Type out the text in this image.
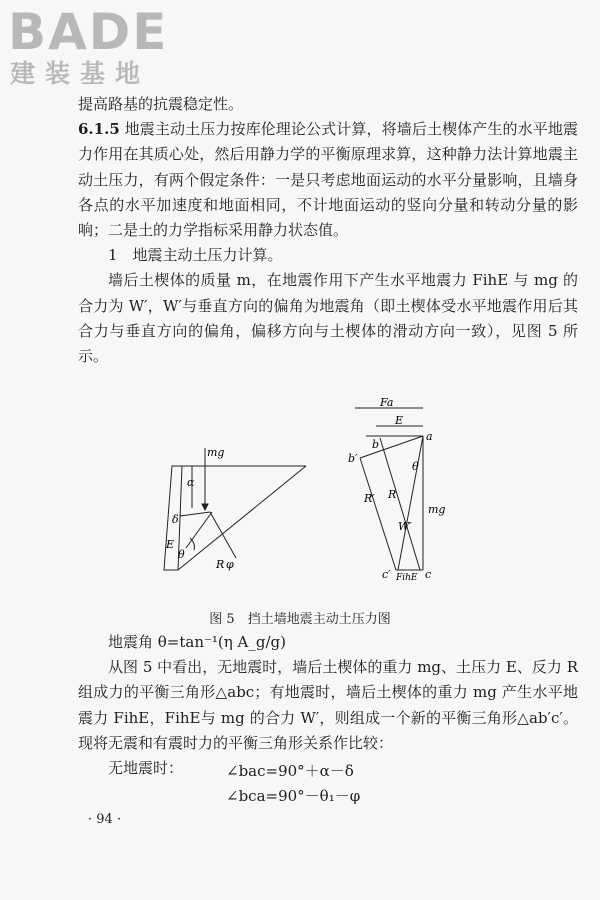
BADE
建装基地

提高路基的抗震稳定性。

6.1.5 地震主动土压力按库伦理论公式计算，将墙后土楔体产生的水平地震力作用在其质心处，然后用静力学的平衡原理求算，这种静力法计算地震主动土压力，有两个假定条件：一是只考虑地面运动的水平分量影响，且墙身各点的水平加速度和地面相同，不计地面运动的竖向分量和转动分量的影响；二是土的力学指标采用静力状态值。

1　地震主动土压力计算。

墙后土楔体的质量 m，在地震作用下产生水平地震力 FihE 与 mg 的合力为 W′，W′与垂直方向的偏角为地震角（即土楔体受水平地震作用后其合力与垂直方向的偏角，偏移方向与土楔体的滑动方向一致），见图 5 所示。

mg
α
δ
E
θ
R φ
Fa
E
b
a
b′
θ
R′ R
W′
mg
c′ FihE c
图 5　挡土墙地震主动土压力图

地震角 θ=tan⁻¹(η A_g/g)

从图 5 中看出，无地震时，墙后土楔体的重力 mg、土压力 E、反力 R 组成力的平衡三角形△abc；有地震时，墙后土楔体的重力 mg 产生水平地震力 FihE，FihE与 mg 的合力 W′，则组成一个新的平衡三角形△ab′c′。现将无震和有震时力的平衡三角形关系作比较：

无地震时：	∠bac=90°＋α－δ
∠bca=90°－θ₁－φ
· 94 ·
